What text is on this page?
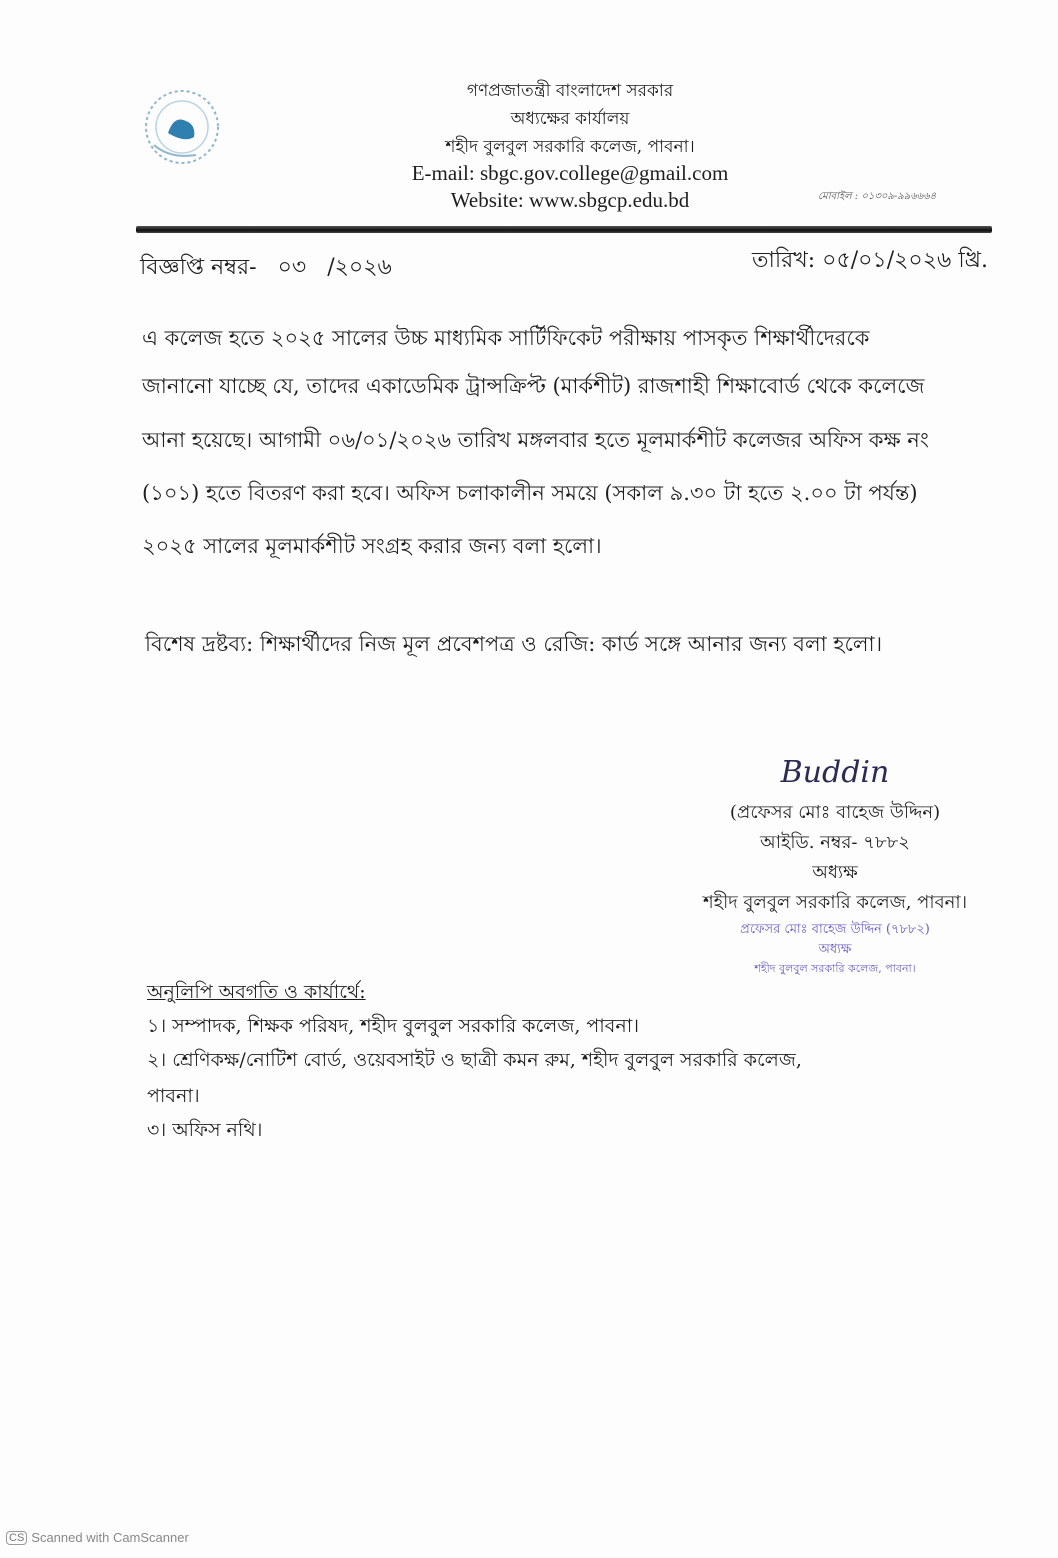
গণপ্রজাতন্ত্রী বাংলাদেশ সরকার
অধ্যক্ষের কার্যালয়
শহীদ বুলবুল সরকারি কলেজ, পাবনা।
E-mail: sbgc.gov.college@gmail.com
Website: www.sbgcp.edu.bd	মোবাইল : ০১৩০৯-৯৯৬৬৬৪
বিজ্ঞপ্তি নম্বর- ০৩ /২০২৬	তারিখ: ০৫/০১/২০২৬ খ্রি.
এ কলেজ হতে ২০২৫ সালের উচ্চ মাধ্যমিক সার্টিফিকেট পরীক্ষায় পাসকৃত শিক্ষার্থীদেরকে
জানানো যাচ্ছে যে, তাদের একাডেমিক ট্রান্সক্রিপ্ট (মার্কশীট) রাজশাহী শিক্ষাবোর্ড থেকে কলেজে
আনা হয়েছে। আগামী ০৬/০১/২০২৬ তারিখ মঙ্গলবার হতে মূলমার্কশীট কলেজর অফিস কক্ষ নং
(১০১) হতে বিতরণ করা হবে। অফিস চলাকালীন সময়ে (সকাল ৯.৩০ টা হতে ২.০০ টা পর্যন্ত)
২০২৫ সালের মূলমার্কশীট সংগ্রহ করার জন্য বলা হলো।
বিশেষ দ্রষ্টব্য: শিক্ষার্থীদের নিজ মূল প্রবেশপত্র ও রেজি: কার্ড সঙ্গে আনার জন্য বলা হলো।
Buddin
(প্রফেসর মোঃ বাহেজ উদ্দিন)
আইডি. নম্বর- ৭৮৮২
অধ্যক্ষ
শহীদ বুলবুল সরকারি কলেজ, পাবনা।
প্রফেসর মোঃ বাহেজ উদ্দিন (৭৮৮২)
অধ্যক্ষ
শহীদ বুলবুল সরকারি কলেজ, পাবনা।
অনুলিপি অবগতি ও কার্যার্থে:
১। সম্পাদক, শিক্ষক পরিষদ, শহীদ বুলবুল সরকারি কলেজ, পাবনা।
২। শ্রেণিকক্ষ/নোটিশ বোর্ড, ওয়েবসাইট ও ছাত্রী কমন রুম, শহীদ বুলবুল সরকারি কলেজ,
পাবনা।
৩। অফিস নথি।
CS Scanned with CamScanner
